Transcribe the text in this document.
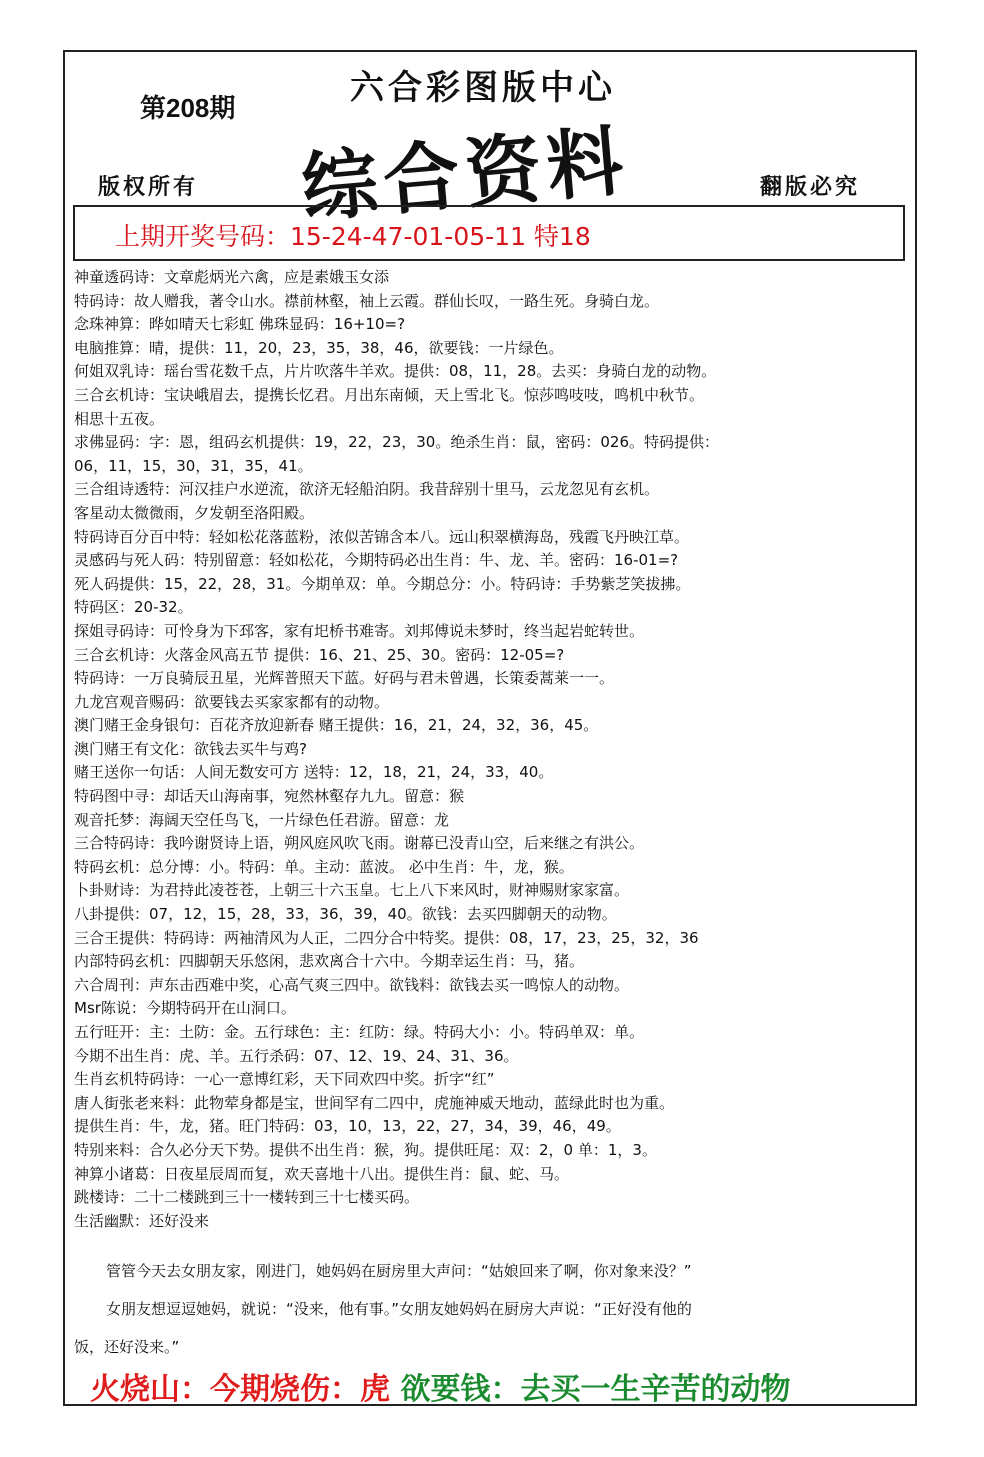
第208期	六合彩图版中心
综合资料
版权所有	翻版必究
上期开奖号码：15-24-47-01-05-11 特18
神童透码诗：文章彪炳光六禽，应是素娥玉女添
特码诗：故人赠我，著令山水。襟前林壑，袖上云霞。群仙长叹，一路生死。身骑白龙。
念珠神算：晔如晴天七彩虹 佛珠显码：16+10=?
电脑推算：晴，提供：11，20，23，35，38，46，欲要钱：一片绿色。
何姐双乳诗：瑶台雪花数千点，片片吹落牛羊欢。提供：08，11，28。去买：身骑白龙的动物。
三合玄机诗：宝诀峨眉去，提携长忆君。月出东南倾，天上雪北飞。惊莎鸣吱吱，鸣机中秋节。
相思十五夜。
求佛显码：字：恩，组码玄机提供：19，22，23，30。绝杀生肖：鼠，密码：026。特码提供：
06，11，15，30，31，35，41。
三合组诗透特：河汉挂户水逆流，欲济无轻船泊阴。我昔辞别十里马，云龙忽见有玄机。
客星动太微微雨，夕发朝至洛阳殿。
特码诗百分百中特：轻如松花落蓝粉，浓似苦锦含本八。远山积翠横海岛，残霞飞丹映江草。
灵感码与死人码：特别留意：轻如松花，今期特码必出生肖：牛、龙、羊。密码：16-01=?
死人码提供：15，22，28，31。今期单双：单。今期总分：小。特码诗：手势紫芝笑拔拂。
特码区：20-32。
探姐寻码诗：可怜身为下邳客，家有圯桥书难寄。刘邦傅说未梦时，终当起岩蛇转世。
三合玄机诗：火落金风高五节 提供：16、21、25、30。密码：12-05=?
特码诗：一万良骑辰丑星，光辉普照天下蓝。好码与君未曾遇，长策委蒿莱一一。
九龙宫观音赐码：欲要钱去买家家都有的动物。
澳门赌王金身银句：百花齐放迎新春 赌王提供：16，21，24，32，36，45。
澳门赌王有文化：欲钱去买牛与鸡?
赌王送你一句话：人间无数安可方 送特：12，18，21，24，33，40。
特码图中寻：却话天山海南事，宛然林壑存九九。留意：猴
观音托梦：海阔天空任鸟飞，一片绿色任君游。留意：龙
三合特码诗：我吟谢贤诗上语，朔风庭风吹飞雨。谢幕已没青山空，后来继之有洪公。
特码玄机：总分博：小。特码：单。主动：蓝波。 必中生肖：牛，龙，猴。
卜卦财诗：为君持此凌苍苍，上朝三十六玉皇。七上八下来风时，财神赐财家家富。
八卦提供：07，12，15，28，33，36，39，40。欲钱：去买四脚朝天的动物。
三合王提供：特码诗：两袖清风为人正，二四分合中特奖。提供：08，17，23，25，32，36
内部特码玄机：四脚朝天乐悠闲，悲欢离合十六中。今期幸运生肖：马，猪。
六合周刊：声东击西难中奖，心高气爽三四中。欲钱料：欲钱去买一鸣惊人的动物。
Msr陈说：今期特码开在山洞口。
五行旺开：主：土防：金。五行球色：主：红防：绿。特码大小：小。特码单双：单。
今期不出生肖：虎、羊。五行杀码：07、12、19、24、31、36。
生肖玄机特码诗：一心一意博红彩，天下同欢四中奖。折字“红”
唐人街张老来料：此物荤身都是宝，世间罕有二四中，虎施神威天地动，蓝绿此时也为重。
提供生肖：牛，龙，猪。旺门特码：03，10，13，22，27，34，39，46，49。
特别来料：合久必分天下势。提供不出生肖：猴，狗。提供旺尾：双：2，0 单：1，3。
神算小诸葛：日夜星辰周而复，欢天喜地十八出。提供生肖：鼠、蛇、马。
跳楼诗：二十二楼跳到三十一楼转到三十七楼买码。
生活幽默：还好没来

管管今天去女朋友家，刚进门，她妈妈在厨房里大声问：“姑娘回来了啊，你对象来没？”

女朋友想逗逗她妈，就说：“没来，他有事。”女朋友她妈妈在厨房大声说：“正好没有他的

饭，还好没来。”

火烧山：今期烧伤：虎 欲要钱：去买一生辛苦的动物
